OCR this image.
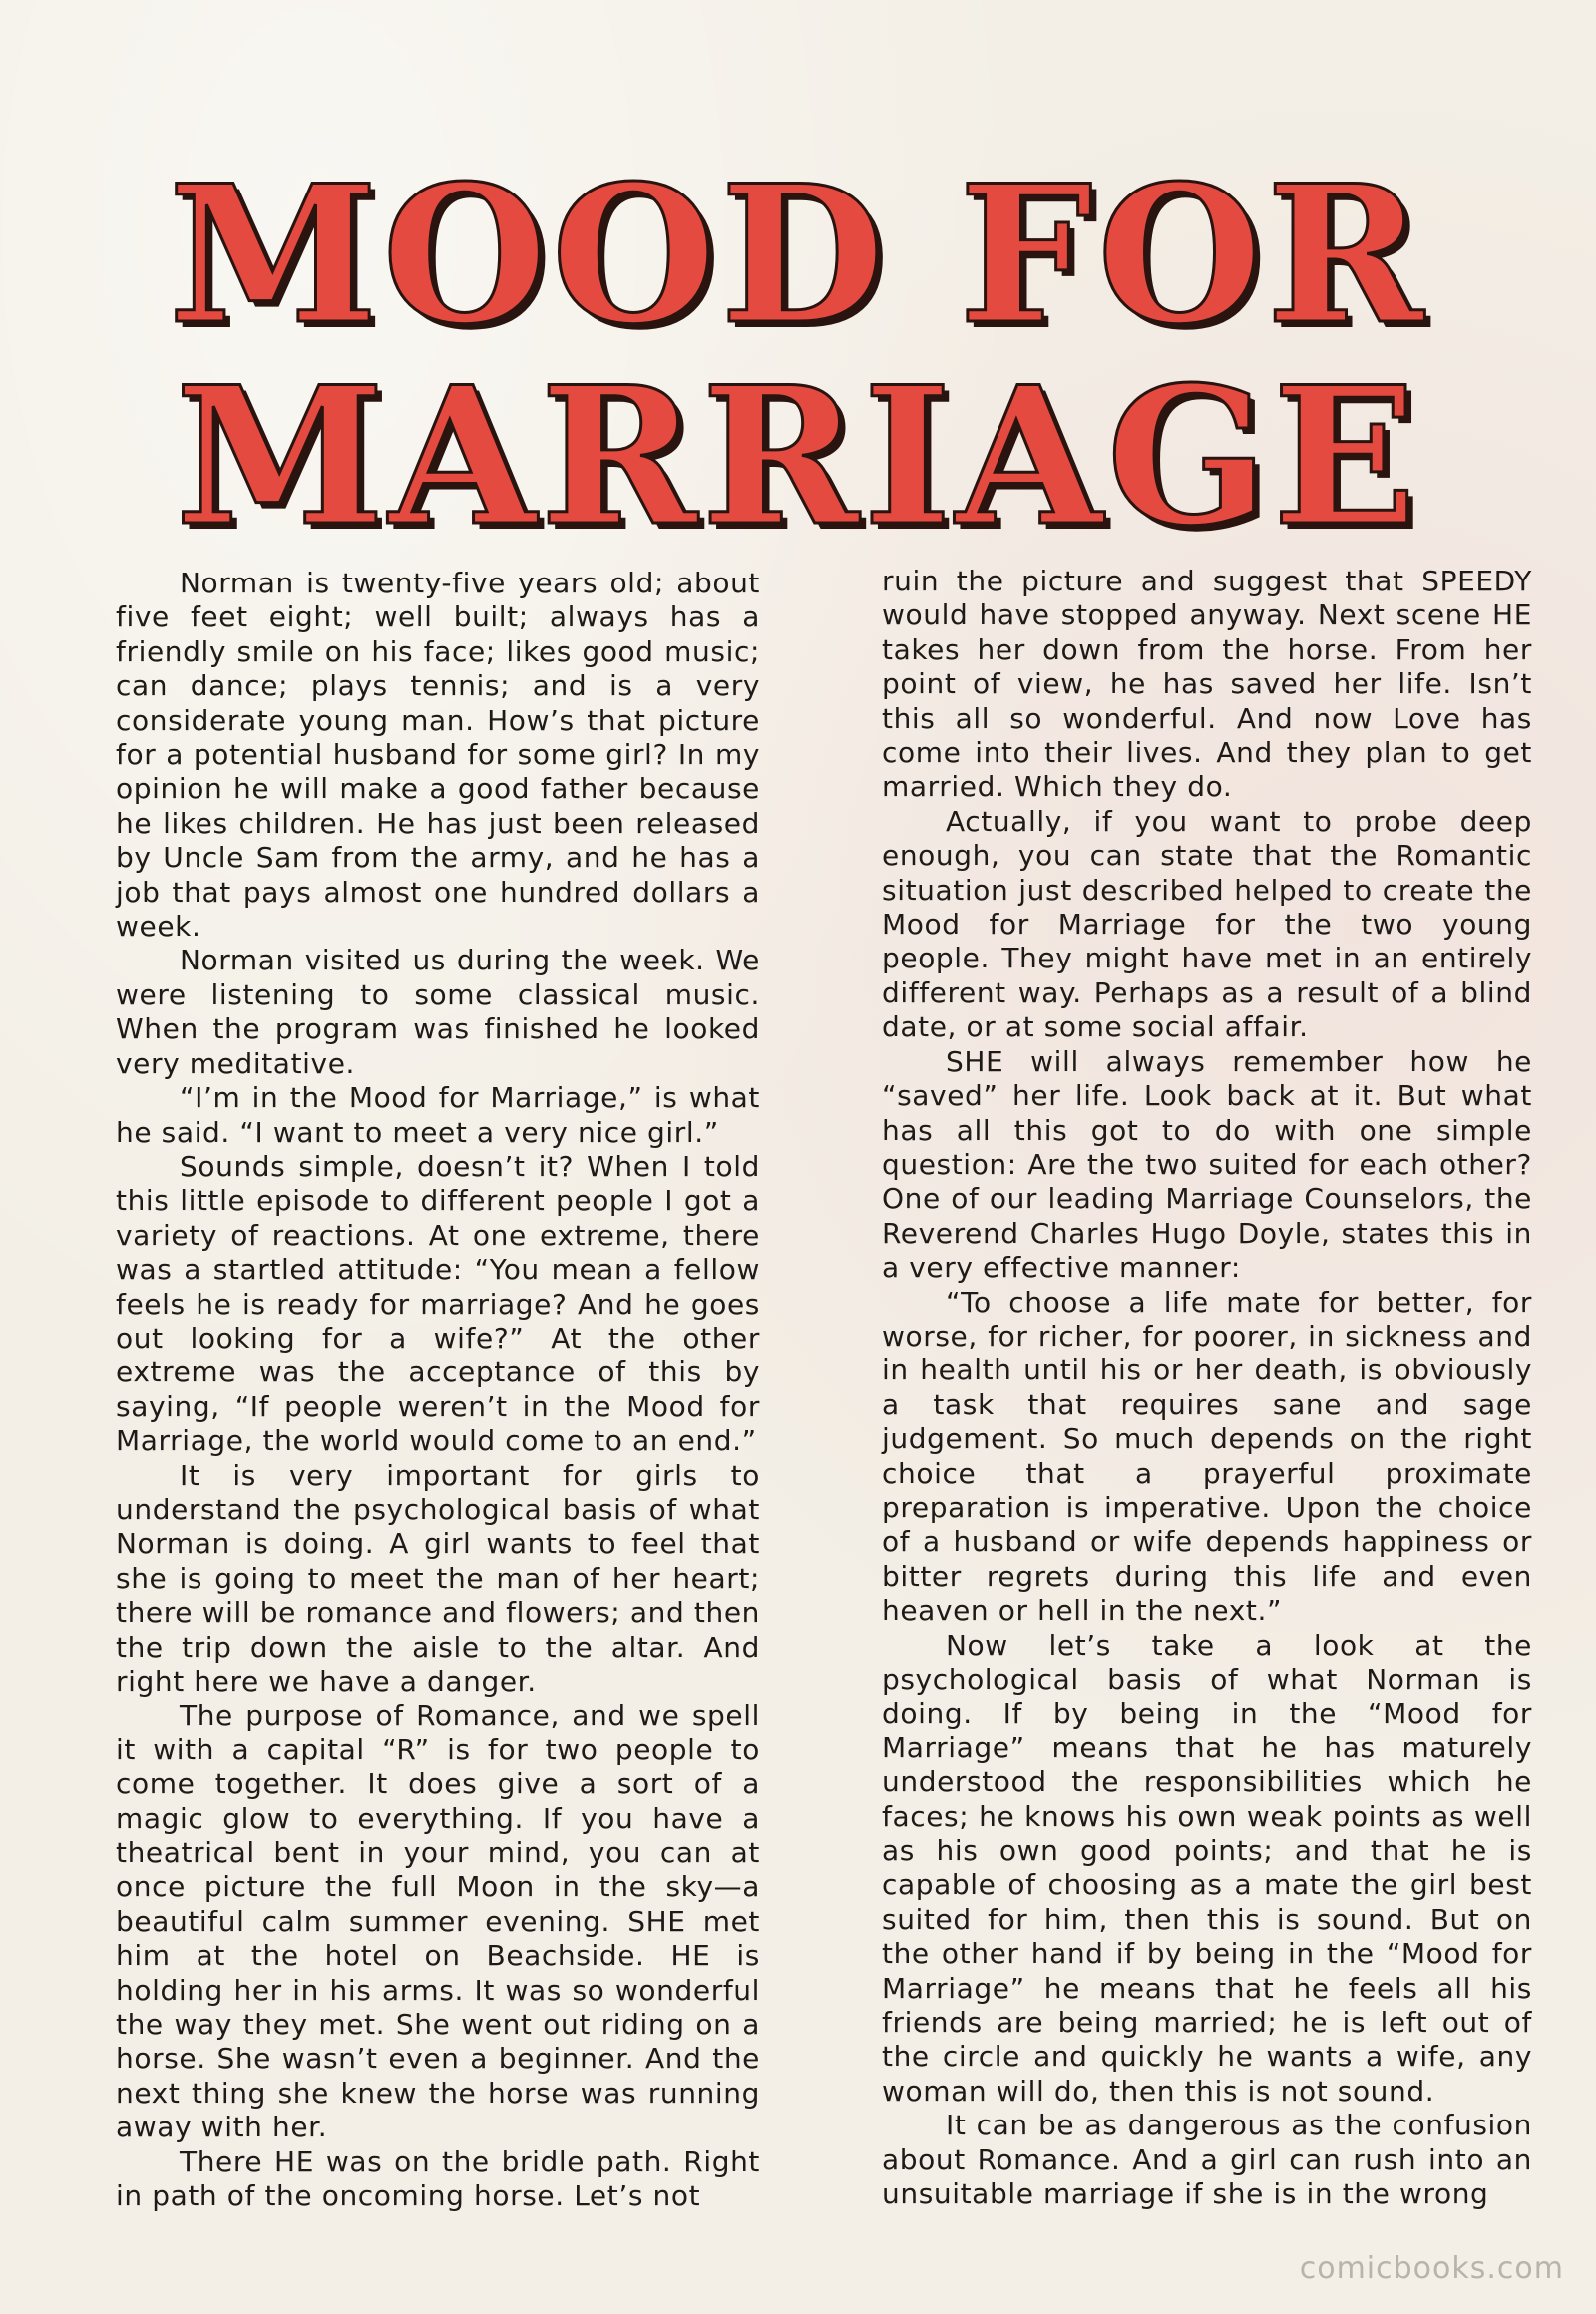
MOOD FOR
MARRIAGE

Norman is twenty-five years old; about five feet eight; well built; always has a friendly smile on his face; likes good music; can dance; plays tennis; and is a very considerate young man. How’s that picture for a potential husband for some girl? In my opinion he will make a good father because he likes children. He has just been released by Uncle Sam from the army, and he has a job that pays almost one hundred dollars a week.

Norman visited us during the week. We were listening to some classical music. When the program was finished he looked very meditative.

“I’m in the Mood for Marriage,” is what he said. “I want to meet a very nice girl.”

Sounds simple, doesn’t it? When I told this little episode to different people I got a variety of reactions. At one extreme, there was a startled attitude: “You mean a fellow feels he is ready for marriage? And he goes out looking for a wife?” At the other extreme was the acceptance of this by saying, “If people weren’t in the Mood for Marriage, the world would come to an end.”

It is very important for girls to understand the psychological basis of what Norman is doing. A girl wants to feel that she is going to meet the man of her heart; there will be romance and flowers; and then the trip down the aisle to the altar. And right here we have a danger.

The purpose of Romance, and we spell it with a capital “R” is for two people to come together. It does give a sort of a magic glow to everything. If you have a theatrical bent in your mind, you can at once picture the full Moon in the sky—a beautiful calm summer evening. SHE met him at the hotel on Beachside. HE is holding her in his arms. It was so wonderful the way they met. She went out riding on a horse. She wasn’t even a beginner. And the next thing she knew the horse was running away with her.

There HE was on the bridle path. Right in path of the oncoming horse. Let’s not

ruin the picture and suggest that SPEEDY would have stopped anyway. Next scene HE takes her down from the horse. From her point of view, he has saved her life. Isn’t this all so wonderful. And now Love has come into their lives. And they plan to get married. Which they do.

Actually, if you want to probe deep enough, you can state that the Romantic situation just described helped to create the Mood for Marriage for the two young people. They might have met in an entirely different way. Perhaps as a result of a blind date, or at some social affair.

SHE will always remember how he “saved” her life. Look back at it. But what has all this got to do with one simple question: Are the two suited for each other? One of our leading Marriage Counselors, the Reverend Charles Hugo Doyle, states this in a very effective manner:

“To choose a life mate for better, for worse, for richer, for poorer, in sickness and in health until his or her death, is obviously a task that requires sane and sage judgement. So much depends on the right choice that a prayerful proximate preparation is imperative. Upon the choice of a husband or wife depends happiness or bitter regrets during this life and even heaven or hell in the next.”

Now let’s take a look at the psychological basis of what Norman is doing. If by being in the “Mood for Marriage” means that he has maturely understood the responsibilities which he faces; he knows his own weak points as well as his own good points; and that he is capable of choosing as a mate the girl best suited for him, then this is sound. But on the other hand if by being in the “Mood for Marriage” he means that he feels all his friends are being married; he is left out of the circle and quickly he wants a wife, any woman will do, then this is not sound.

It can be as dangerous as the confusion about Romance. And a girl can rush into an unsuitable marriage if she is in the wrong

comicbooks.com
